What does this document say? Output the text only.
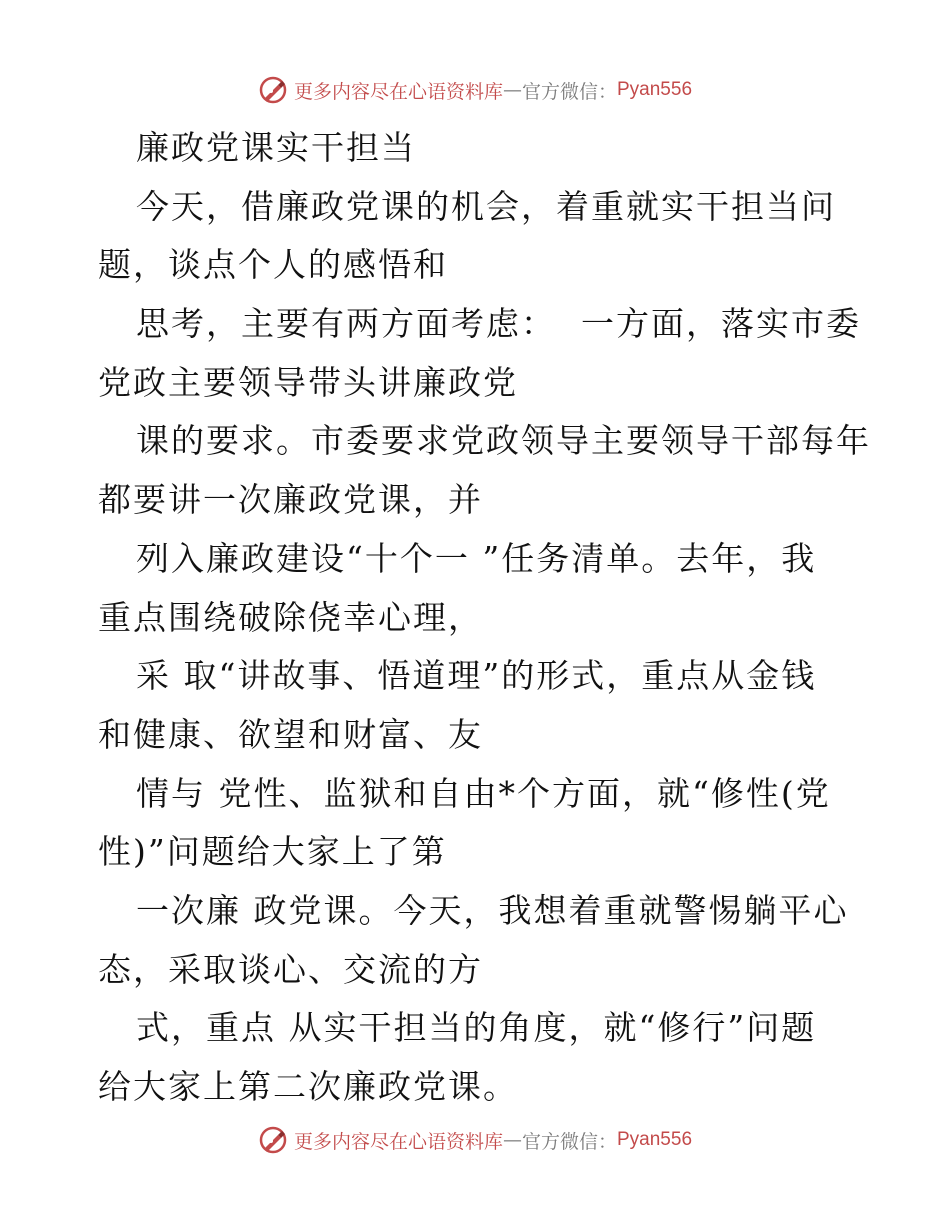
更多内容尽在心语资料库 — 官方微信： Pyan556
廉政党课实干担当
今天，借廉政党课的机会，着重就实干担当问
题，谈点个人的感悟和
思考，主要有两方面考虑：  一方面，落实市委
党政主要领导带头讲廉政党
课的要求。市委要求党政领导主要领导干部每年
都要讲一次廉政党课，并
列入廉政建设“十个一 ”任务清单。去年，我
重点围绕破除侥幸心理，
采 取“讲故事、悟道理”的形式，重点从金钱
和健康、欲望和财富、友
情与 党性、监狱和自由*个方面，就“修性(党
性)”问题给大家上了第
一次廉 政党课。今天，我想着重就警惕躺平心
态，采取谈心、交流的方
式，重点 从实干担当的角度，就“修行”问题
给大家上第二次廉政党课。
更多内容尽在心语资料库 — 官方微信： Pyan556
